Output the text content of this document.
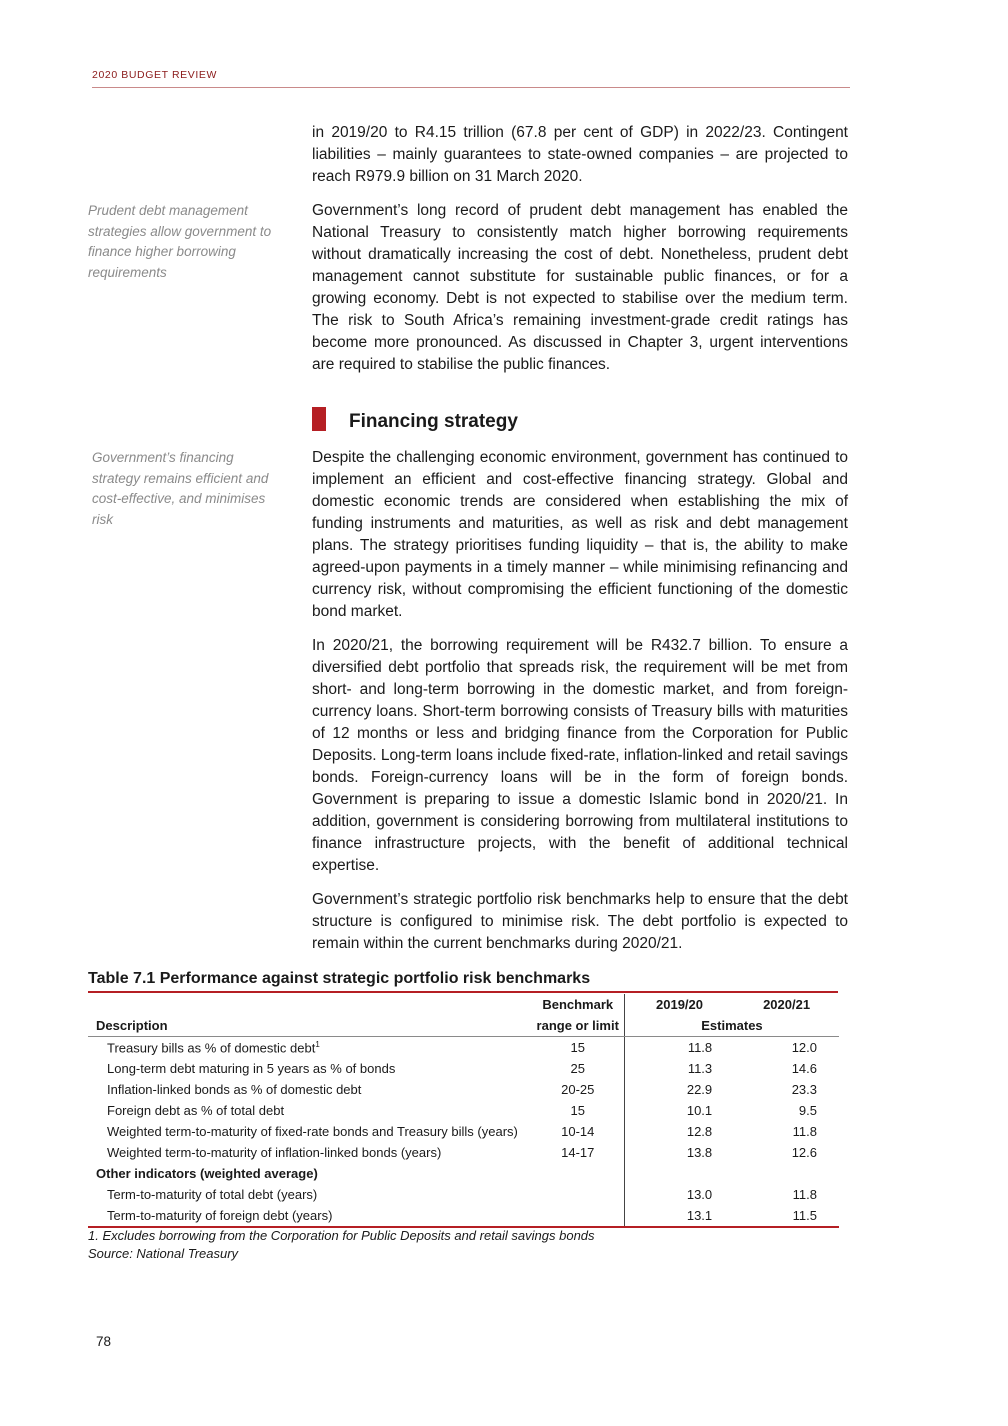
2020 BUDGET REVIEW
Prudent debt management strategies allow government to finance higher borrowing requirements
Government’s financing strategy remains efficient and cost-effective, and minimises risk

in 2019/20 to R4.15 trillion (67.8 per cent of GDP) in 2022/23. Contingent liabilities – mainly guarantees to state-owned companies – are projected to reach R979.9 billion on 31 March 2020.

Government’s long record of prudent debt management has enabled the National Treasury to consistently match higher borrowing requirements without dramatically increasing the cost of debt. Nonetheless, prudent debt management cannot substitute for sustainable public finances, or for a growing economy. Debt is not expected to stabilise over the medium term. The risk to South Africa’s remaining investment-grade credit ratings has become more pronounced. As discussed in Chapter 3, urgent interventions are required to stabilise the public finances.

Financing strategy

Despite the challenging economic environment, government has continued to implement an efficient and cost-effective financing strategy. Global and domestic economic trends are considered when establishing the mix of funding instruments and maturities, as well as risk and debt management plans. The strategy prioritises funding liquidity – that is, the ability to make agreed-upon payments in a timely manner – while minimising refinancing and currency risk, without compromising the efficient functioning of the domestic bond market.

In 2020/21, the borrowing requirement will be R432.7 billion. To ensure a diversified debt portfolio that spreads risk, the requirement will be met from short- and long-term borrowing in the domestic market, and from foreign-currency loans. Short-term borrowing consists of Treasury bills with maturities of 12 months or less and bridging finance from the Corporation for Public Deposits. Long-term loans include fixed-rate, inflation-linked and retail savings bonds. Foreign-currency loans will be in the form of foreign bonds. Government is preparing to issue a domestic Islamic bond in 2020/21. In addition, government is considering borrowing from multilateral institutions to finance infrastructure projects, with the benefit of additional technical expertise.

Government’s strategic portfolio risk benchmarks help to ensure that the debt structure is configured to minimise risk. The debt portfolio is expected to remain within the current benchmarks during 2020/21.

Table 7.1 Performance against strategic portfolio risk benchmarks
	Benchmark	2019/20	2020/21
Description	range or limit	Estimates	
Treasury bills as % of domestic debt$^1$	15	11.8	12.0
Long-term debt maturing in 5 years as % of bonds	25	11.3	14.6
Inflation-linked bonds as % of domestic debt	20-25	22.9	23.3
Foreign debt as % of total debt	15	10.1	9.5
Weighted term-to-maturity of fixed-rate bonds and Treasury bills (years)	10-14	12.8	11.8
Weighted term-to-maturity of inflation-linked bonds (years)	14-17	13.8	12.6
Other indicators (weighted average)			
Term-to-maturity of total debt (years)		13.0	11.8
Term-to-maturity of foreign debt (years)		13.1	11.5
1. Excludes borrowing from the Corporation for Public Deposits and retail savings bonds
Source: National Treasury
78
